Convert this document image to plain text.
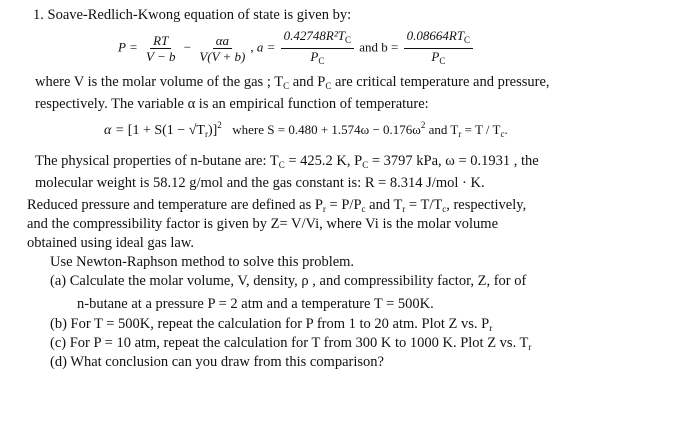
1. Soave-Redlich-Kwong equation of state is given by:
$P = \frac{RT}{V - b} - \frac{\alpha a}{V(V + b)}$ , $a = \frac{0.42748R^2T_C}{P_C}$ and $b = \frac{0.08664RT_C}{P_C}$
where V is the molar volume of the gas ; $T_C$ and $P_C$ are critical temperature and pressure,
respectively. The variable α is an empirical function of temperature:
$\alpha = [1 + S(1 - √T_r)]^2$ where $S = 0.480 + 1.574\omega - 0.176\omega^2$ and $T_r = T / T_c$.
The physical properties of n-butane are: $T_C = 425.2$ K, $P_C = 3797$ kPa, ω = 0.1931 , the
molecular weight is 58.12 g/mol and the gas constant is: R = 8.314 J/mol · K.
Reduced pressure and temperature are defined as $P_r = P/P_c$ and $T_r = T/T_c$, respectively,
and the compressibility factor is given by Z= V/Vi, where Vi is the molar volume
obtained using ideal gas law.
Use Newton-Raphson method to solve this problem.
(a) Calculate the molar volume, V, density, ρ , and compressibility factor, Z, for of
n-butane at a pressure P = 2 atm and a temperature T = 500K.
(b) For T = 500K, repeat the calculation for P from 1 to 20 atm. Plot Z vs. $P_r$
(c) For P = 10 atm, repeat the calculation for T from 300 K to 1000 K. Plot Z vs. $T_r$
(d) What conclusion can you draw from this comparison?
